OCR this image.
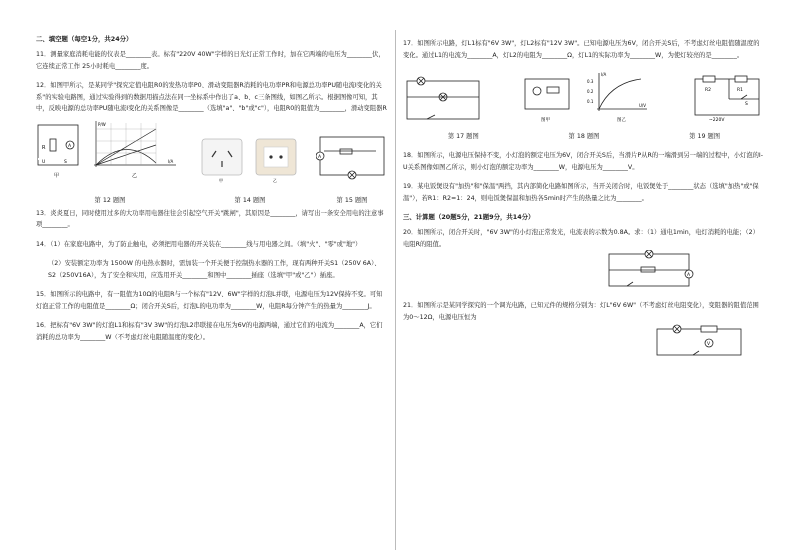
二、填空题（每空1分，共24分）

11．测量家庭消耗电能的仪表是________表。标有"220V 40W"字样的日光灯正常工作时，加在它两端的电压为________伏，它连续正常工作 25小时耗电________度。

12．如图甲所示，是某同学"探究定值电阻R0的发热功率P0、滑动变阻器R消耗的电功率PR和电源总功率PU随电流I变化的关系"的实验电路图，通过实验得到的数据用描点法在同一坐标系中作出了a、b、c三条图线，如图乙所示。根据图像可知，其中，反映电源的总功率PU随电流I变化的关系图像是________（选填"a"、"b"或"c"），电阻R0的阻值为________，滑动变阻器R

R	A
U	S
甲
P/W
I/A
乙
第 12 题图
甲	乙
第 14 题图
A
第 15 题图

13．炎炎夏日，同时使用过多的大功率用电器往往会引起空气开关"跳闸"，其原因是________，请写出一条安全用电的注意事项________。

14．（1）在家庭电路中，为了防止触电，必须把用电器的开关装在________线与用电器之间。（填"火"、"零"或"地"）

（2）安装额定功率为 1500W 的电热水器时，需加装一个开关便于控制热水器的工作，现有两种开关S1（250V 6A）、S2（250V16A），为了安全和实用，应选用开关________和图中________插座（选填"甲"或"乙"）插座。

15．如图所示的电路中，有一阻值为10Ω的电阻R与一个标有"12V、6W"字样的灯泡L并联，电源电压为12V保持不变。可知灯泡正常工作的电阻值是________Ω；闭合开关S后，灯泡L的电功率为________W，电阻R每分钟产生的热量为________J。

16．把标有"6V 3W"的灯泡L1和标有"3V 3W"的灯泡L2串联接在电压为6V的电源两端，通过它们的电流为________A，它们消耗的总功率为________W（不考虑灯丝电阻随温度的变化）。

17．如图所示电路，灯L1标有"6V 3W"，灯L2标有"12V 3W"。已知电源电压为6V，闭合开关S后，不考虑灯丝电阻值随温度的变化。通过L1的电流为________A，灯L2的电阻为________Ω，灯L1的实际功率为________W，为使灯较亮的是________。

I/A
U/V
0.3
0.2
0.1
图甲	图乙
R2	R1
S
~220V
第 17 题图	第 18 题图	第 19 题图

18．如图所示，电源电压保持不变，小灯泡的额定电压为6V，闭合开关S后，当滑片P从R的一端滑到另一端的过程中，小灯泡的I-U关系图像如图乙所示，则小灯泡的额定功率为________W，电源电压为________V。

19．某电饭煲设有"加热"和"保温"两挡，其内部简化电路如图所示，当开关闭合时，电饭煲处于________状态（选填"加热"或"保温"），若R1：R2=1：24，则电饭煲保温和加热各5min时产生的热量之比为________。

三、计算题（20题5分，21题9分，共14分）

20．如图所示，闭合开关时，"6V 3W"的小灯泡正常发光，电流表的示数为0.8A。求：（1）通电1min，电灯消耗的电能；（2）电阻R的阻值。

A

21．如图所示是某同学探究的一个调光电路，已知元件的规格分别为：灯L"6V 6W"（不考虑灯丝电阻变化），变阻器的阻值范围为0～12Ω，电源电压恒为

V
